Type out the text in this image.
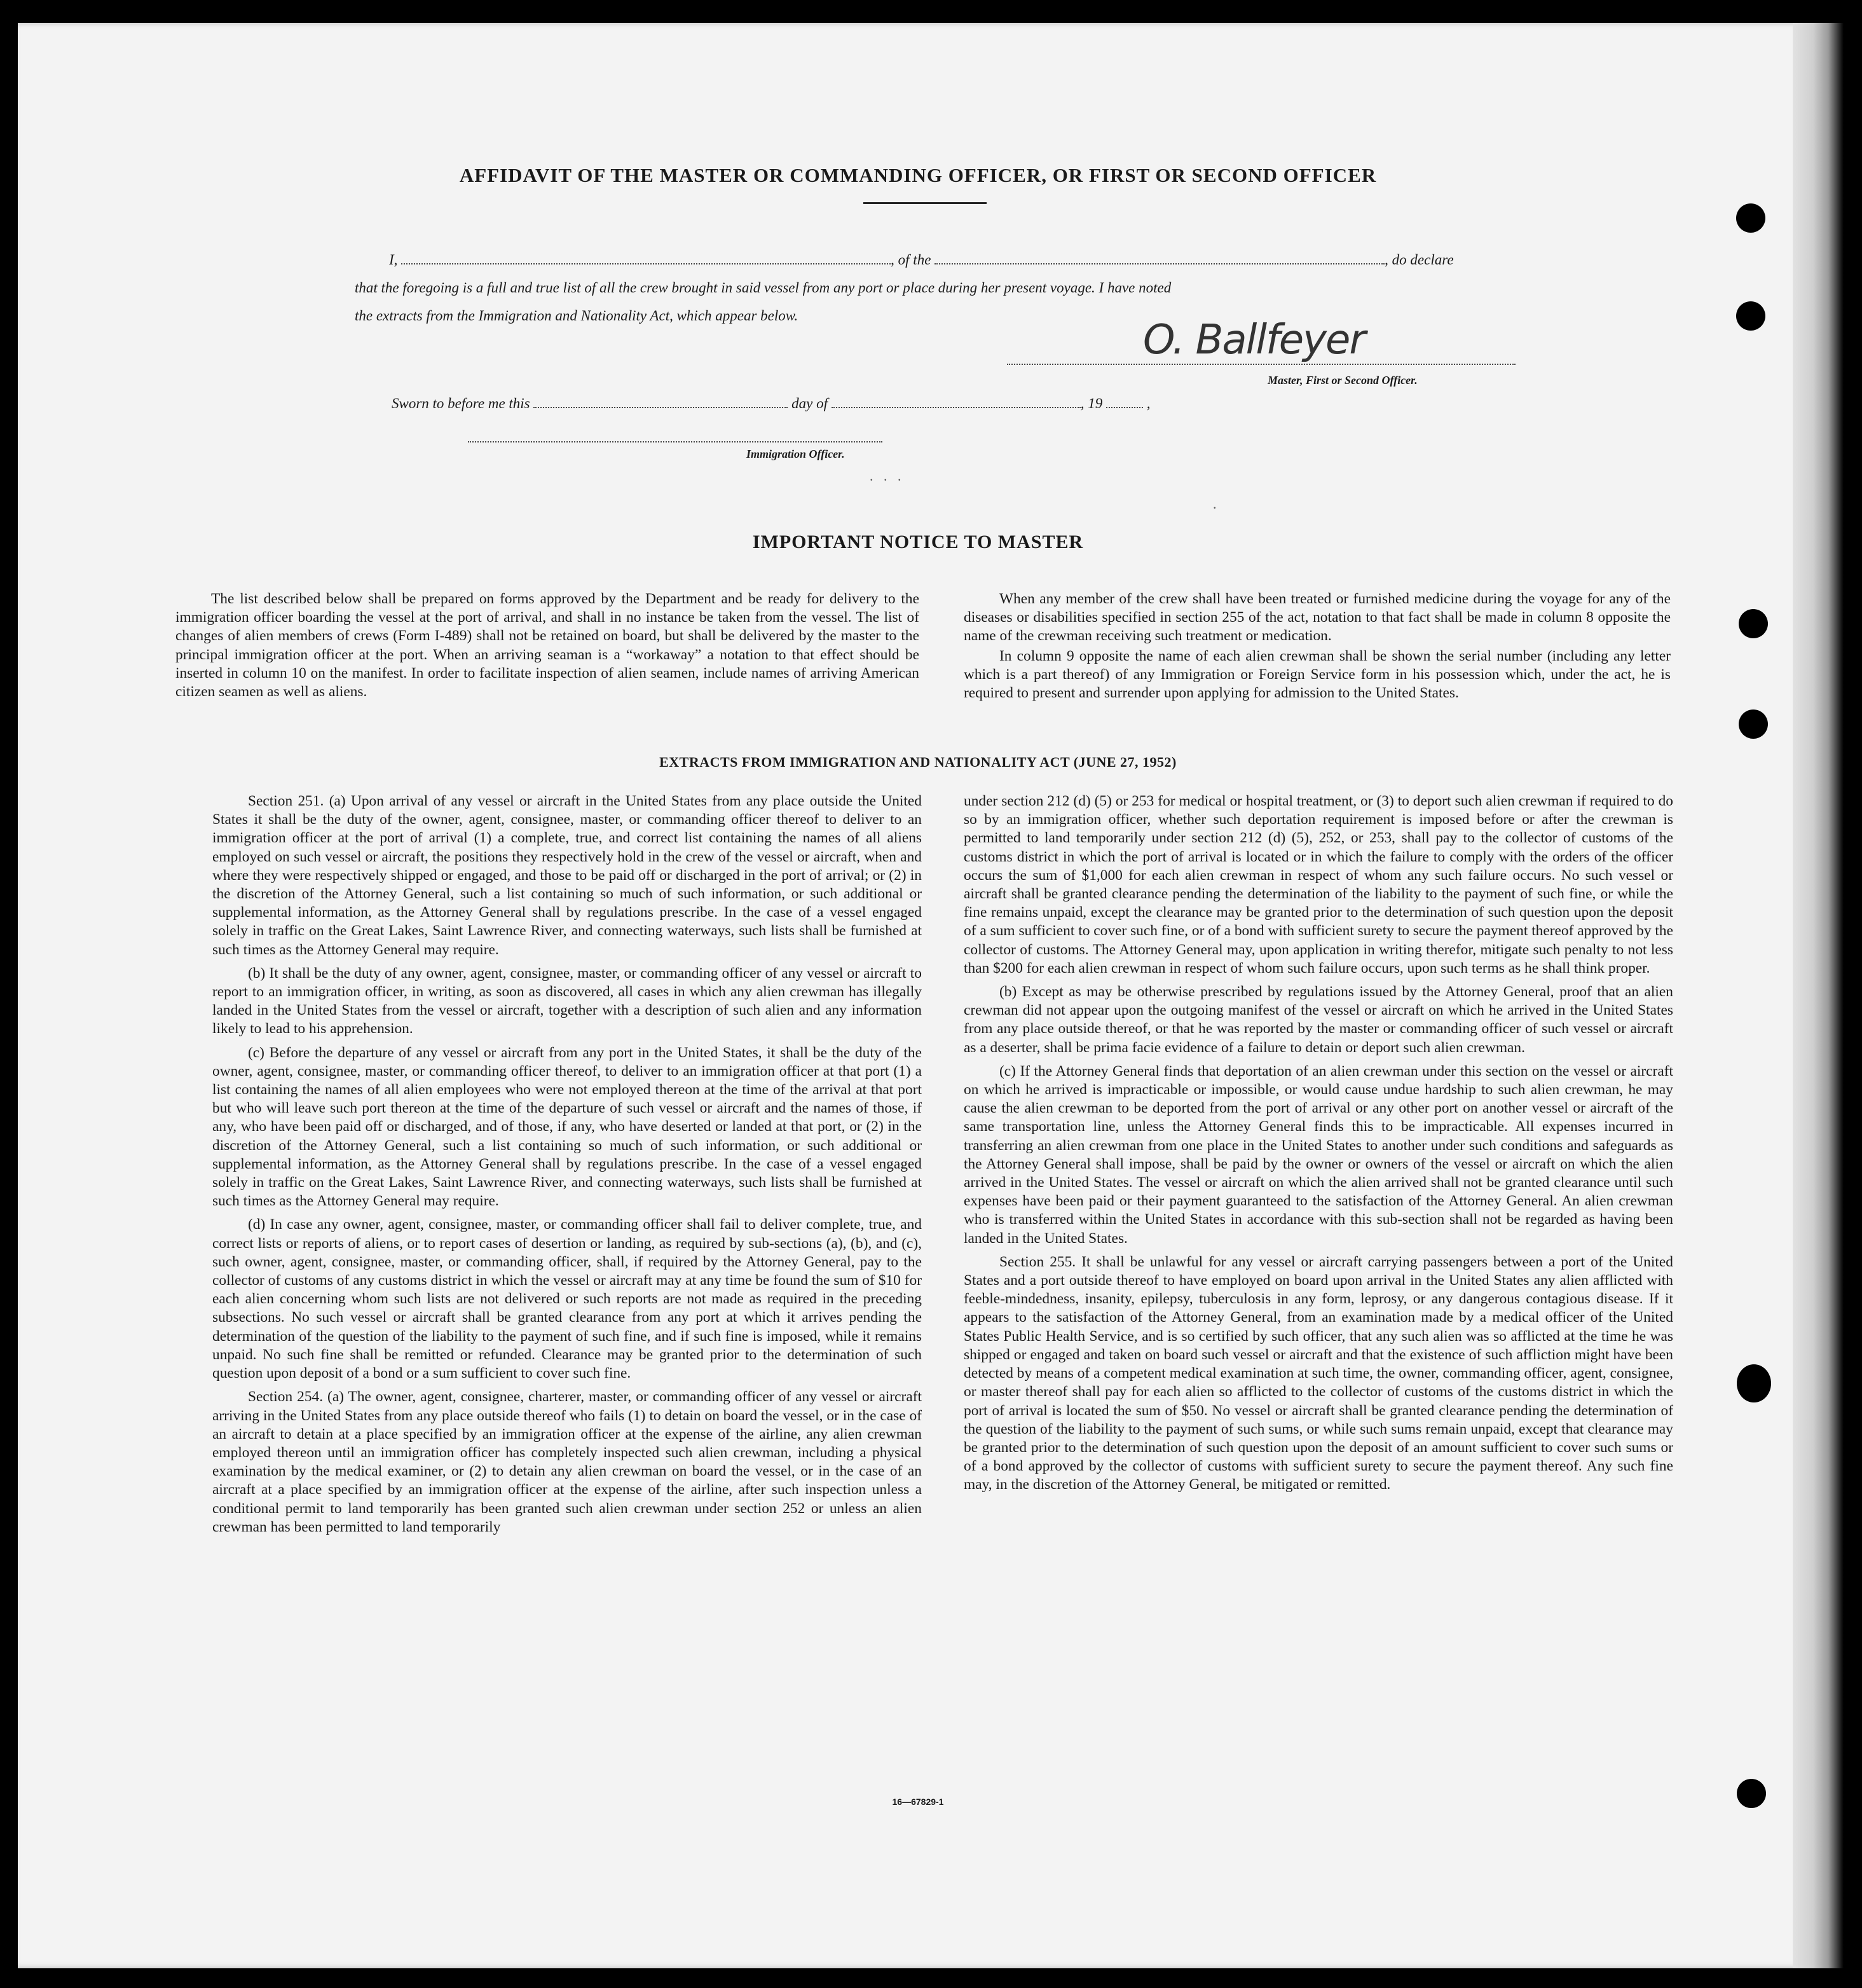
AFFIDAVIT OF THE MASTER OR COMMANDING OFFICER, OR FIRST OR SECOND OFFICER
I,	, of the	, do declare
that the foregoing is a full and true list of all the crew brought in said vessel from any port or place during her present voyage. I have noted
the extracts from the Immigration and Nationality Act, which appear below.
O. Ballfeyer
Master, First or Second Officer.
Sworn to before me this	day of	, 19	,
Immigration Officer.
.   .   .
.
IMPORTANT NOTICE TO MASTER

The list described below shall be prepared on forms approved by the Department and be ready for delivery to the immigration officer boarding the vessel at the port of arrival, and shall in no instance be taken from the vessel. The list of changes of alien members of crews (Form I-489) shall not be retained on board, but shall be delivered by the master to the principal immigration officer at the port. When an arriving seaman is a “workaway” a notation to that effect should be inserted in column 10 on the manifest. In order to facilitate inspection of alien seamen, include names of arriving American citizen seamen as well as aliens.

When any member of the crew shall have been treated or furnished medicine during the voyage for any of the diseases or disabilities specified in section 255 of the act, notation to that fact shall be made in column 8 opposite the name of the crewman receiving such treatment or medication.

In column 9 opposite the name of each alien crewman shall be shown the serial number (including any letter which is a part thereof) of any Immigration or Foreign Service form in his possession which, under the act, he is required to present and surrender upon applying for admission to the United States.

EXTRACTS FROM IMMIGRATION AND NATIONALITY ACT (JUNE 27, 1952)

Section 251. (a) Upon arrival of any vessel or aircraft in the United States from any place outside the United States it shall be the duty of the owner, agent, consignee, master, or commanding officer thereof to deliver to an immigration officer at the port of arrival (1) a complete, true, and correct list containing the names of all aliens employed on such vessel or aircraft, the positions they respectively hold in the crew of the vessel or aircraft, when and where they were respectively shipped or engaged, and those to be paid off or discharged in the port of arrival; or (2) in the discretion of the Attorney General, such a list containing so much of such information, or such additional or supplemental information, as the Attorney General shall by regulations prescribe. In the case of a vessel engaged solely in traffic on the Great Lakes, Saint Lawrence River, and connecting waterways, such lists shall be furnished at such times as the Attorney General may require.

(b) It shall be the duty of any owner, agent, consignee, master, or commanding officer of any vessel or aircraft to report to an immigration officer, in writing, as soon as discovered, all cases in which any alien crewman has illegally landed in the United States from the vessel or aircraft, together with a description of such alien and any information likely to lead to his apprehension.

(c) Before the departure of any vessel or aircraft from any port in the United States, it shall be the duty of the owner, agent, consignee, master, or commanding officer thereof, to deliver to an immigration officer at that port (1) a list containing the names of all alien employees who were not employed thereon at the time of the arrival at that port but who will leave such port thereon at the time of the departure of such vessel or aircraft and the names of those, if any, who have been paid off or discharged, and of those, if any, who have deserted or landed at that port, or (2) in the discretion of the Attorney General, such a list containing so much of such information, or such additional or supplemental information, as the Attorney General shall by regulations prescribe. In the case of a vessel engaged solely in traffic on the Great Lakes, Saint Lawrence River, and connecting waterways, such lists shall be furnished at such times as the Attorney General may require.

(d) In case any owner, agent, consignee, master, or commanding officer shall fail to deliver complete, true, and correct lists or reports of aliens, or to report cases of desertion or landing, as required by sub-sections (a), (b), and (c), such owner, agent, consignee, master, or commanding officer, shall, if required by the Attorney General, pay to the collector of customs of any customs district in which the vessel or aircraft may at any time be found the sum of $10 for each alien concerning whom such lists are not delivered or such reports are not made as required in the preceding subsections. No such vessel or aircraft shall be granted clearance from any port at which it arrives pending the determination of the question of the liability to the payment of such fine, and if such fine is imposed, while it remains unpaid. No such fine shall be remitted or refunded. Clearance may be granted prior to the determination of such question upon deposit of a bond or a sum sufficient to cover such fine.

Section 254. (a) The owner, agent, consignee, charterer, master, or commanding officer of any vessel or aircraft arriving in the United States from any place outside thereof who fails (1) to detain on board the vessel, or in the case of an aircraft to detain at a place specified by an immigration officer at the expense of the airline, any alien crewman employed thereon until an immigration officer has completely inspected such alien crewman, including a physical examination by the medical examiner, or (2) to detain any alien crewman on board the vessel, or in the case of an aircraft at a place specified by an immigration officer at the expense of the airline, after such inspection unless a conditional permit to land temporarily has been granted such alien crewman under section 252 or unless an alien crewman has been permitted to land temporarily

under section 212 (d) (5) or 253 for medical or hospital treatment, or (3) to deport such alien crewman if required to do so by an immigration officer, whether such deportation requirement is imposed before or after the crewman is permitted to land temporarily under section 212 (d) (5), 252, or 253, shall pay to the collector of customs of the customs district in which the port of arrival is located or in which the failure to comply with the orders of the officer occurs the sum of $1,000 for each alien crewman in respect of whom any such failure occurs. No such vessel or aircraft shall be granted clearance pending the determination of the liability to the payment of such fine, or while the fine remains unpaid, except the clearance may be granted prior to the determination of such question upon the deposit of a sum sufficient to cover such fine, or of a bond with sufficient surety to secure the payment thereof approved by the collector of customs. The Attorney General may, upon application in writing therefor, mitigate such penalty to not less than $200 for each alien crewman in respect of whom such failure occurs, upon such terms as he shall think proper.

(b) Except as may be otherwise prescribed by regulations issued by the Attorney General, proof that an alien crewman did not appear upon the outgoing manifest of the vessel or aircraft on which he arrived in the United States from any place outside thereof, or that he was reported by the master or commanding officer of such vessel or aircraft as a deserter, shall be prima facie evidence of a failure to detain or deport such alien crewman.

(c) If the Attorney General finds that deportation of an alien crewman under this section on the vessel or aircraft on which he arrived is impracticable or impossible, or would cause undue hardship to such alien crewman, he may cause the alien crewman to be deported from the port of arrival or any other port on another vessel or aircraft of the same transportation line, unless the Attorney General finds this to be impracticable. All expenses incurred in transferring an alien crewman from one place in the United States to another under such conditions and safeguards as the Attorney General shall impose, shall be paid by the owner or owners of the vessel or aircraft on which the alien arrived in the United States. The vessel or aircraft on which the alien arrived shall not be granted clearance until such expenses have been paid or their payment guaranteed to the satisfaction of the Attorney General. An alien crewman who is transferred within the United States in accordance with this sub-section shall not be regarded as having been landed in the United States.

Section 255. It shall be unlawful for any vessel or aircraft carrying passengers between a port of the United States and a port outside thereof to have employed on board upon arrival in the United States any alien afflicted with feeble-mindedness, insanity, epilepsy, tuberculosis in any form, leprosy, or any dangerous contagious disease. If it appears to the satisfaction of the Attorney General, from an examination made by a medical officer of the United States Public Health Service, and is so certified by such officer, that any such alien was so afflicted at the time he was shipped or engaged and taken on board such vessel or aircraft and that the existence of such affliction might have been detected by means of a competent medical examination at such time, the owner, commanding officer, agent, consignee, or master thereof shall pay for each alien so afflicted to the collector of customs of the customs district in which the port of arrival is located the sum of $50. No vessel or aircraft shall be granted clearance pending the determination of the question of the liability to the payment of such sums, or while such sums remain unpaid, except that clearance may be granted prior to the determination of such question upon the deposit of an amount sufficient to cover such sums or of a bond approved by the collector of customs with sufficient surety to secure the payment thereof. Any such fine may, in the discretion of the Attorney General, be mitigated or remitted.

16—67829-1
